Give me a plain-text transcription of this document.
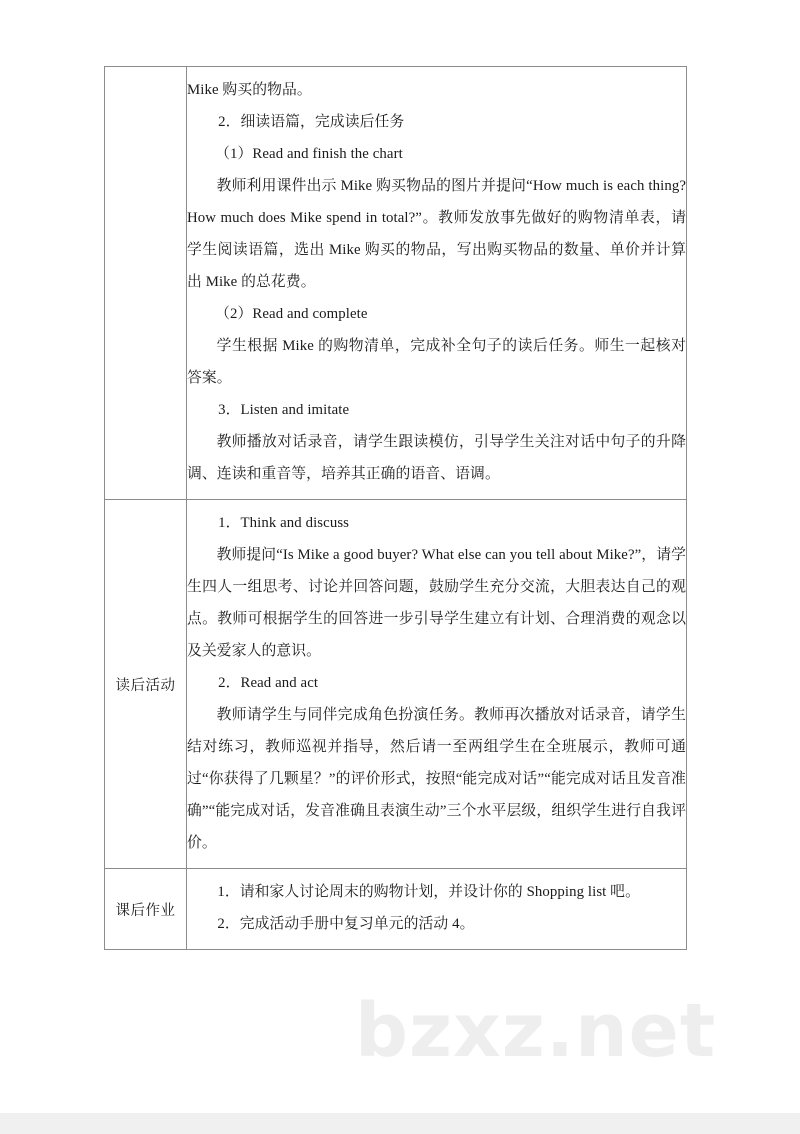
bzxz.net

Mike 购买的物品。

2．细读语篇，完成读后任务

（1）Read and finish the chart

教师利用课件出示 Mike 购买物品的图片并提问“How much is each thing? How much does Mike spend in total?”。教师发放事先做好的购物清单表，请学生阅读语篇，选出 Mike 购买的物品，写出购买物品的数量、单价并计算出 Mike 的总花费。

（2）Read and complete

学生根据 Mike 的购物清单，完成补全句子的读后任务。师生一起核对答案。

3．Listen and imitate

教师播放对话录音，请学生跟读模仿，引导学生关注对话中句子的升降调、连读和重音等，培养其正确的语音、语调。

读后活动	1．Think and discuss

教师提问“Is Mike a good buyer? What else can you tell about Mike?”，请学生四人一组思考、讨论并回答问题，鼓励学生充分交流，大胆表达自己的观点。教师可根据学生的回答进一步引导学生建立有计划、合理消费的观念以及关爱家人的意识。

2．Read and act

教师请学生与同伴完成角色扮演任务。教师再次播放对话录音，请学生结对练习，教师巡视并指导，然后请一至两组学生在全班展示，教师可通过“你获得了几颗星？”的评价形式，按照“能完成对话”“能完成对话且发音准确”“能完成对话，发音准确且表演生动”三个水平层级，组织学生进行自我评价。

课后作业	1．请和家人讨论周末的购物计划，并设计你的 Shopping list 吧。

2．完成活动手册中复习单元的活动 4。
